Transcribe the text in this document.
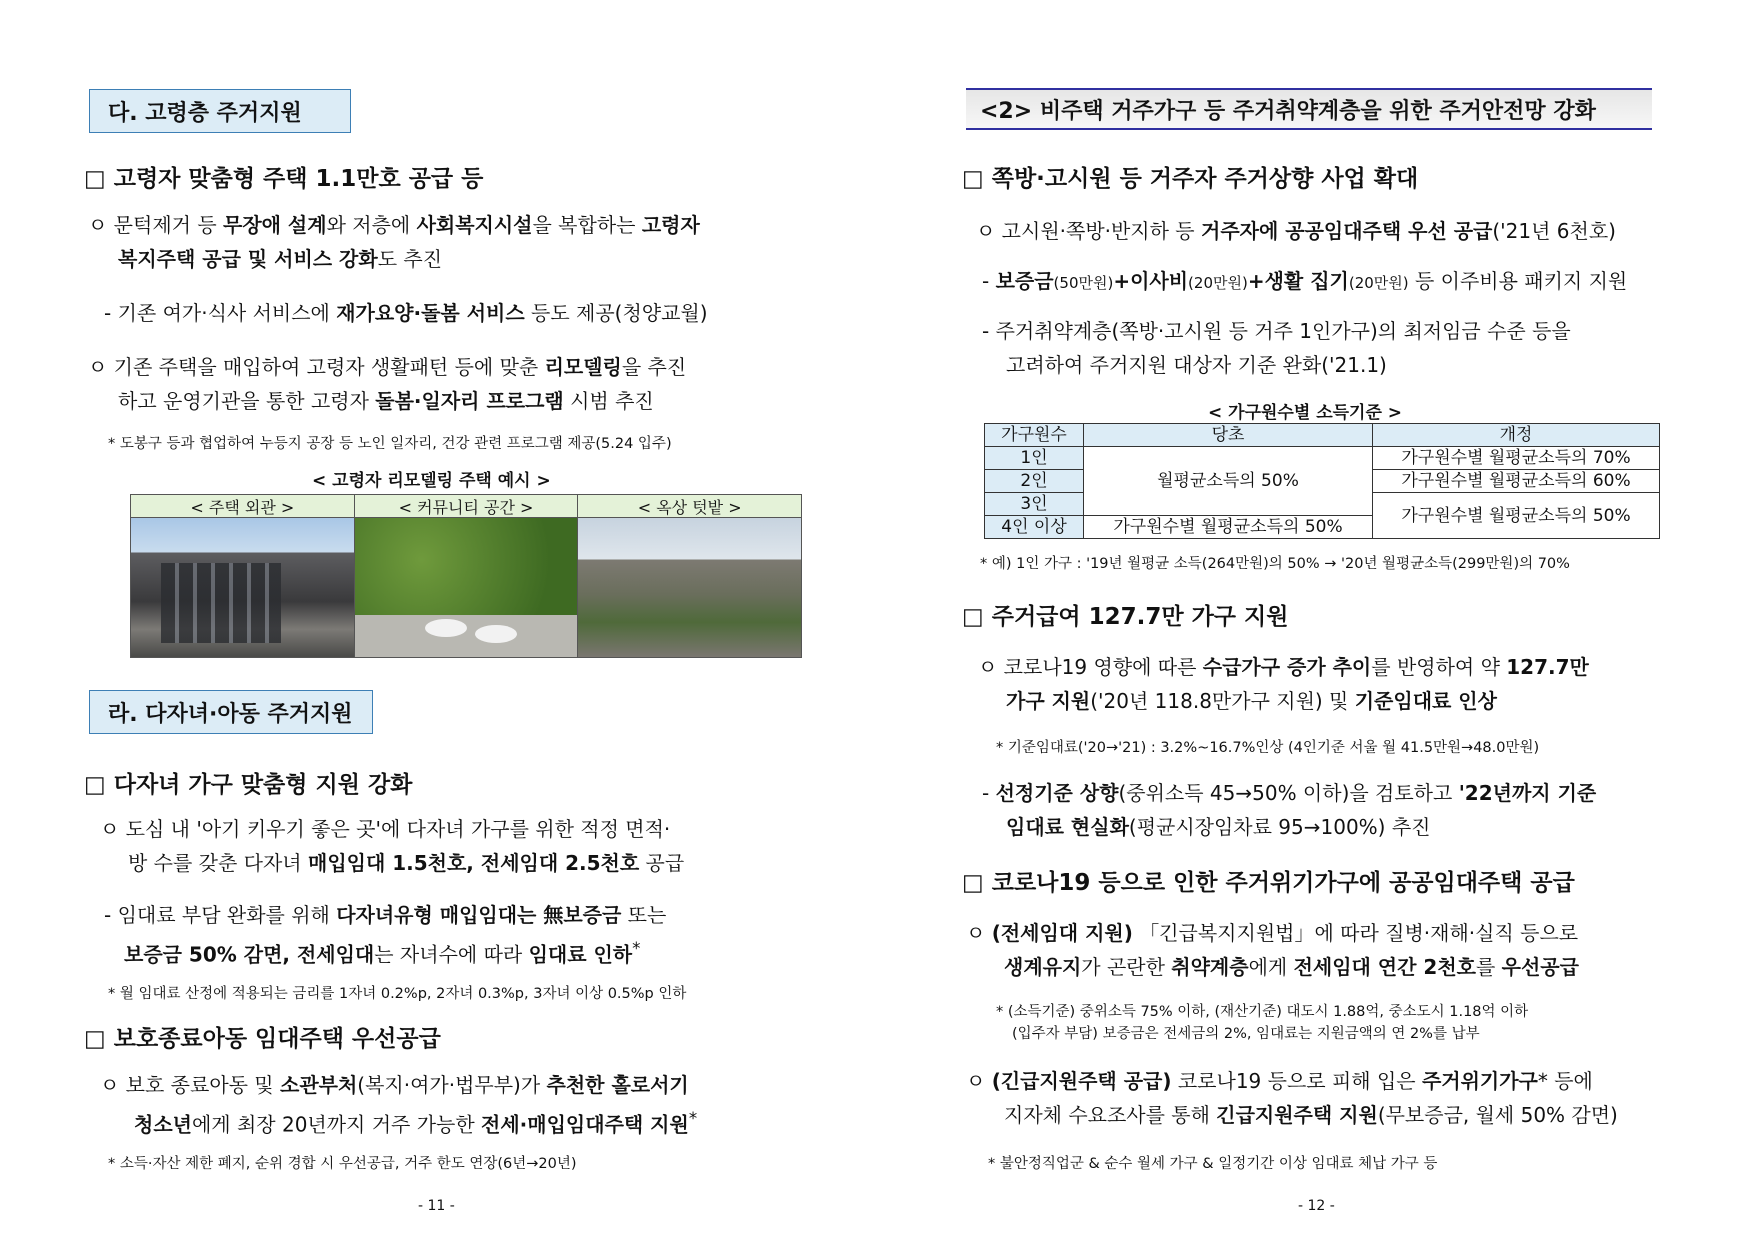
다. 고령층 주거지원
□ 고령자 맞춤형 주택 1.1만호 공급 등
ㅇ 문턱제거 등 무장애 설계와 저층에 사회복지시설을 복합하는 고령자
복지주택 공급 및 서비스 강화도 추진
- 기존 여가·식사 서비스에 재가요양·돌봄 서비스 등도 제공(청양교월)
ㅇ 기존 주택을 매입하여 고령자 생활패턴 등에 맞춘 리모델링을 추진
하고 운영기관을 통한 고령자 돌봄·일자리 프로그램 시범 추진
* 도봉구 등과 협업하여 누등지 공장 등 노인 일자리, 건강 관련 프로그램 제공(5.24 입주)
< 고령자 리모델링 주택 예시 >
< 주택 외관 >	< 커뮤니티 공간 >	< 옥상 텃밭 >
라. 다자녀·아동 주거지원
□ 다자녀 가구 맞춤형 지원 강화
ㅇ 도심 내 '아기 키우기 좋은 곳'에 다자녀 가구를 위한 적정 면적·
방 수를 갖춘 다자녀 매입임대 1.5천호, 전세임대 2.5천호 공급
- 임대료 부담 완화를 위해 다자녀유형 매입임대는 無보증금 또는
보증금 50% 감면, 전세임대는 자녀수에 따라 임대료 인하*
* 월 임대료 산정에 적용되는 금리를 1자녀 0.2%p, 2자녀 0.3%p, 3자녀 이상 0.5%p 인하
□ 보호종료아동 임대주택 우선공급
ㅇ 보호 종료아동 및 소관부처(복지·여가·법무부)가 추천한 홀로서기
청소년에게 최장 20년까지 거주 가능한 전세·매입임대주택 지원*
* 소득·자산 제한 폐지, 순위 경합 시 우선공급, 거주 한도 연장(6년→20년)
- 11 -
<2> 비주택 거주가구 등 주거취약계층을 위한 주거안전망 강화
□ 쪽방·고시원 등 거주자 주거상향 사업 확대
ㅇ 고시원·쪽방·반지하 등 거주자에 공공임대주택 우선 공급('21년 6천호)
- 보증금(50만원)+이사비(20만원)+생활 집기(20만원) 등 이주비용 패키지 지원
- 주거취약계층(쪽방·고시원 등 거주 1인가구)의 최저임금 수준 등을
고려하여 주거지원 대상자 기준 완화('21.1)
< 가구원수별 소득기준 >
가구원수	당초	개정
1인	월평균소득의 50%	가구원수별 월평균소득의 70%
2인		가구원수별 월평균소득의 60%
3인		가구원수별 월평균소득의 50%
4인 이상	가구원수별 월평균소득의 50%	
* 예) 1인 가구 : '19년 월평균 소득(264만원)의 50% → '20년 월평균소득(299만원)의 70%
□ 주거급여 127.7만 가구 지원
ㅇ 코로나19 영향에 따른 수급가구 증가 추이를 반영하여 약 127.7만
가구 지원('20년 118.8만가구 지원) 및 기준임대료 인상
* 기준임대료('20→'21) : 3.2%~16.7%인상 (4인기준 서울 월 41.5만원→48.0만원)
- 선정기준 상향(중위소득 45→50% 이하)을 검토하고 '22년까지 기준
임대료 현실화(평균시장임차료 95→100%) 추진
□ 코로나19 등으로 인한 주거위기가구에 공공임대주택 공급
ㅇ (전세임대 지원) 「긴급복지지원법」에 따라 질병·재해·실직 등으로
생계유지가 곤란한 취약계층에게 전세임대 연간 2천호를 우선공급
* (소득기준) 중위소득 75% 이하, (재산기준) 대도시 1.88억, 중소도시 1.18억 이하
(입주자 부담) 보증금은 전세금의 2%, 임대료는 지원금액의 연 2%를 납부
ㅇ (긴급지원주택 공급) 코로나19 등으로 피해 입은 주거위기가구* 등에
지자체 수요조사를 통해 긴급지원주택 지원(무보증금, 월세 50% 감면)
* 불안정직업군 & 순수 월세 가구 & 일정기간 이상 임대료 체납 가구 등
- 12 -
